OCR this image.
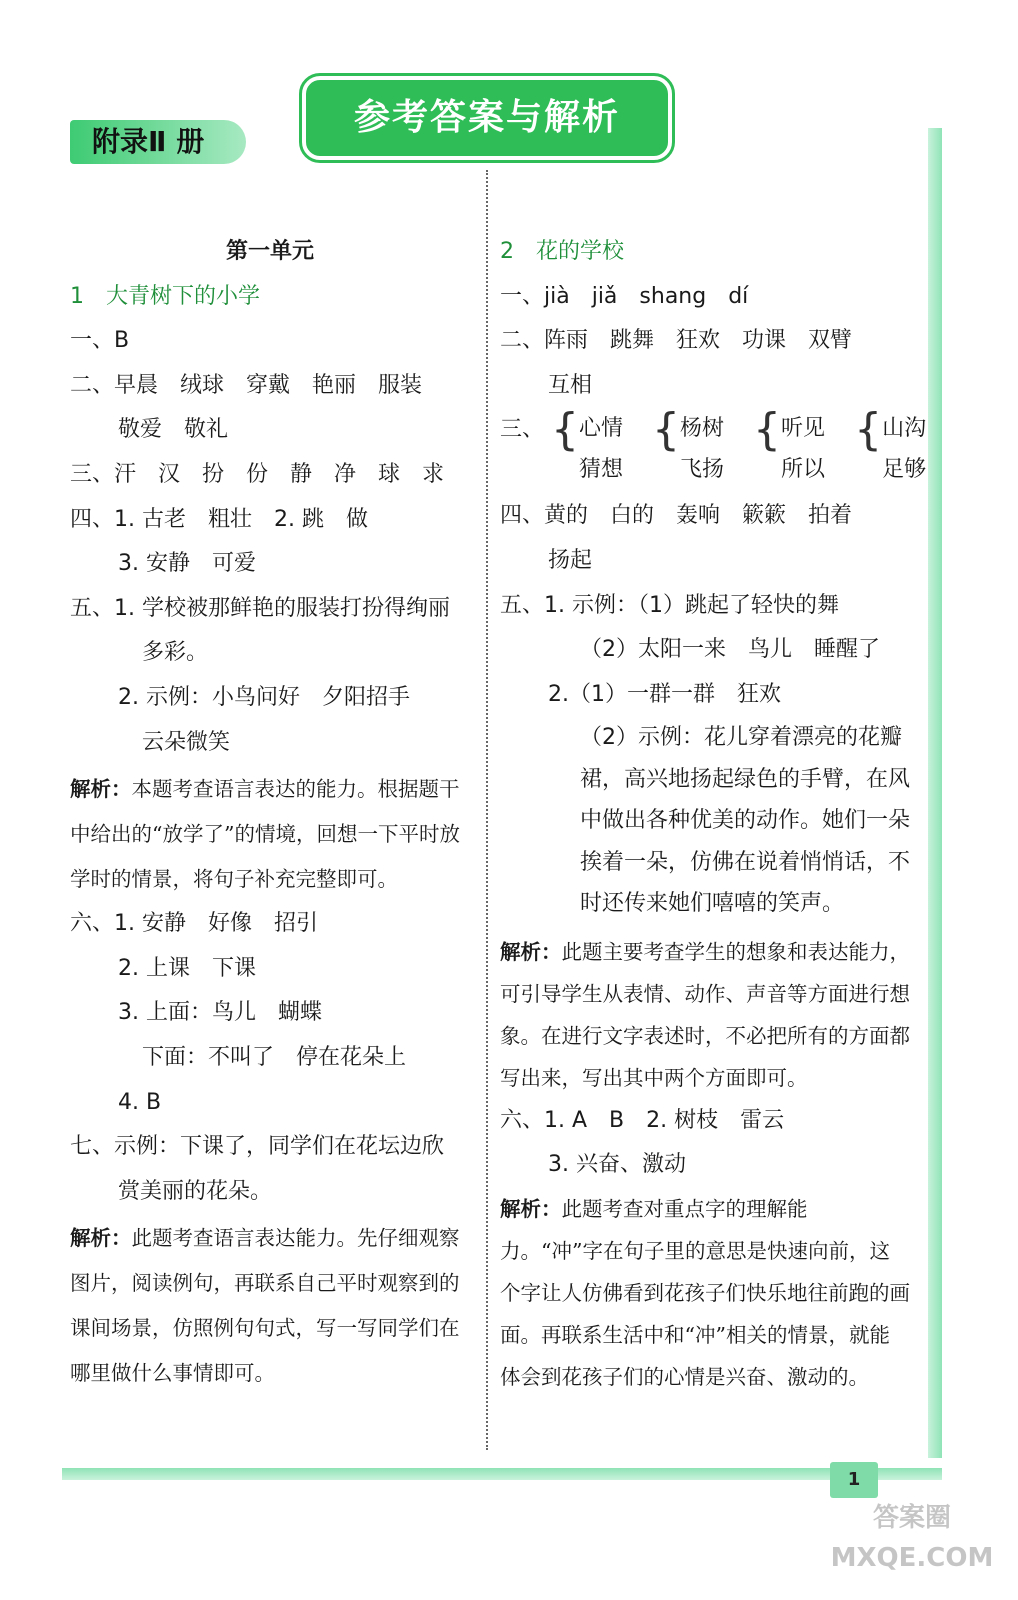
1
附录Ⅱ 册
参考答案与解析
第一单元
1　大青树下的小学
一、B
二、早晨　绒球　穿戴　艳丽　服装
敬爱　敬礼
三、汗　汉　扮　份　静　净　球　求
四、1. 古老　粗壮　2. 跳　做
3. 安静　可爱
五、1. 学校被那鲜艳的服装打扮得绚丽
多彩。
2. 示例：小鸟问好　夕阳招手
云朵微笑
解析：本题考查语言表达的能力。根据题干中给出的“放学了”的情境，回想一下平时放学时的情景，将句子补充完整即可。
六、1. 安静　好像　招引
2. 上课　下课
3. 上面：鸟儿　蝴蝶
下面：不叫了　停在花朵上
4. B
七、示例：下课了，同学们在花坛边欣
赏美丽的花朵。
解析：此题考查语言表达能力。先仔细观察图片，阅读例句，再联系自己平时观察到的课间场景，仿照例句句式，写一写同学们在哪里做什么事情即可。
2　花的学校
一、jià　jiǎ　shang　dí
二、阵雨　跳舞　狂欢　功课　双臂
互相
三、 {心情
猜想 {杨树
飞扬 {听见
所以 {山沟
足够
四、黄的　白的　轰响　簌簌　拍着
扬起
五、1. 示例：（1）跳起了轻快的舞
（2）太阳一来　鸟儿　睡醒了
2.（1）一群一群　狂欢
（2）示例：花儿穿着漂亮的花瓣裙，高兴地扬起绿色的手臂，在风中做出各种优美的动作。她们一朵挨着一朵，仿佛在说着悄悄话，不时还传来她们嘻嘻的笑声。
解析：此题主要考查学生的想象和表达能力，可引导学生从表情、动作、声音等方面进行想象。在进行文字表述时，不必把所有的方面都写出来，写出其中两个方面即可。
六、1. A　B　2. 树枝　雷云
3. 兴奋、激动
解析：此题考查对重点字的理解能力。“冲”字在句子里的意思是快速向前，这个字让人仿佛看到花孩子们快乐地往前跑的画面。再联系生活中和“冲”相关的情景，就能体会到花孩子们的心情是兴奋、激动的。
答案圈 MXQE.COM
